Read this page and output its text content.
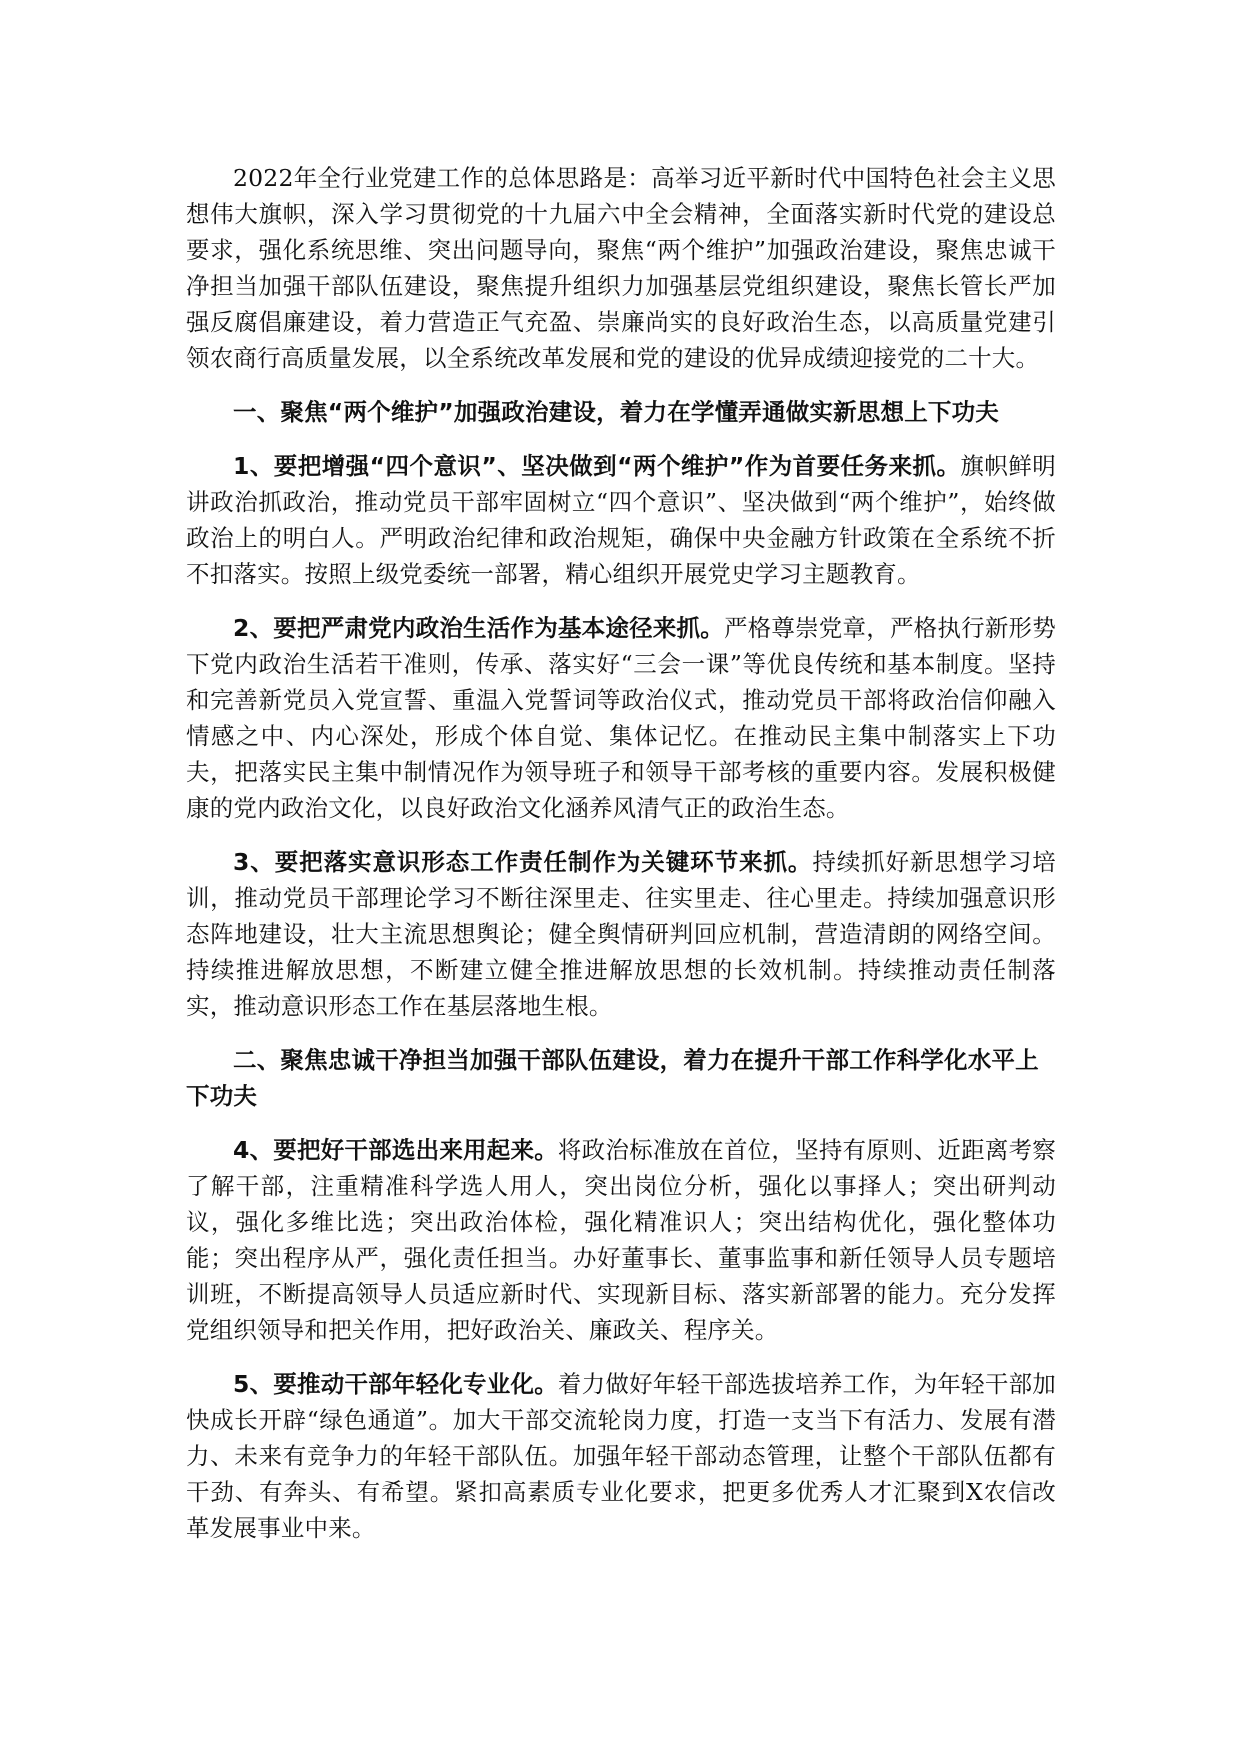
2022年全行业党建工作的总体思路是：高举习近平新时代中国特色社会主义思想伟大旗帜，深入学习贯彻党的十九届六中全会精神，全面落实新时代党的建设总要求，强化系统思维、突出问题导向，聚焦“两个维护”加强政治建设，聚焦忠诚干净担当加强干部队伍建设，聚焦提升组织力加强基层党组织建设，聚焦长管长严加强反腐倡廉建设，着力营造正气充盈、崇廉尚实的良好政治生态，以高质量党建引领农商行高质量发展，以全系统改革发展和党的建设的优异成绩迎接党的二十大。

一、聚焦“两个维护”加强政治建设，着力在学懂弄通做实新思想上下功夫

1、要把增强“四个意识”、坚决做到“两个维护”作为首要任务来抓。旗帜鲜明讲政治抓政治，推动党员干部牢固树立“四个意识”、坚决做到“两个维护”，始终做政治上的明白人。严明政治纪律和政治规矩，确保中央金融方针政策在全系统不折不扣落实。按照上级党委统一部署，精心组织开展党史学习主题教育。

2、要把严肃党内政治生活作为基本途径来抓。严格尊崇党章，严格执行新形势下党内政治生活若干准则，传承、落实好“三会一课”等优良传统和基本制度。坚持和完善新党员入党宣誓、重温入党誓词等政治仪式，推动党员干部将政治信仰融入情感之中、内心深处，形成个体自觉、集体记忆。在推动民主集中制落实上下功夫，把落实民主集中制情况作为领导班子和领导干部考核的重要内容。发展积极健康的党内政治文化，以良好政治文化涵养风清气正的政治生态。

3、要把落实意识形态工作责任制作为关键环节来抓。持续抓好新思想学习培训，推动党员干部理论学习不断往深里走、往实里走、往心里走。持续加强意识形态阵地建设，壮大主流思想舆论；健全舆情研判回应机制，营造清朗的网络空间。持续推进解放思想，不断建立健全推进解放思想的长效机制。持续推动责任制落实，推动意识形态工作在基层落地生根。

二、聚焦忠诚干净担当加强干部队伍建设，着力在提升干部工作科学化水平上下功夫

4、要把好干部选出来用起来。将政治标准放在首位，坚持有原则、近距离考察了解干部，注重精准科学选人用人，突出岗位分析，强化以事择人；突出研判动议，强化多维比选；突出政治体检，强化精准识人；突出结构优化，强化整体功能；突出程序从严，强化责任担当。办好董事长、董事监事和新任领导人员专题培训班，不断提高领导人员适应新时代、实现新目标、落实新部署的能力。充分发挥党组织领导和把关作用，把好政治关、廉政关、程序关。

5、要推动干部年轻化专业化。着力做好年轻干部选拔培养工作，为年轻干部加快成长开辟“绿色通道”。加大干部交流轮岗力度，打造一支当下有活力、发展有潜力、未来有竞争力的年轻干部队伍。加强年轻干部动态管理，让整个干部队伍都有干劲、有奔头、有希望。紧扣高素质专业化要求，把更多优秀人才汇聚到X农信改革发展事业中来。
